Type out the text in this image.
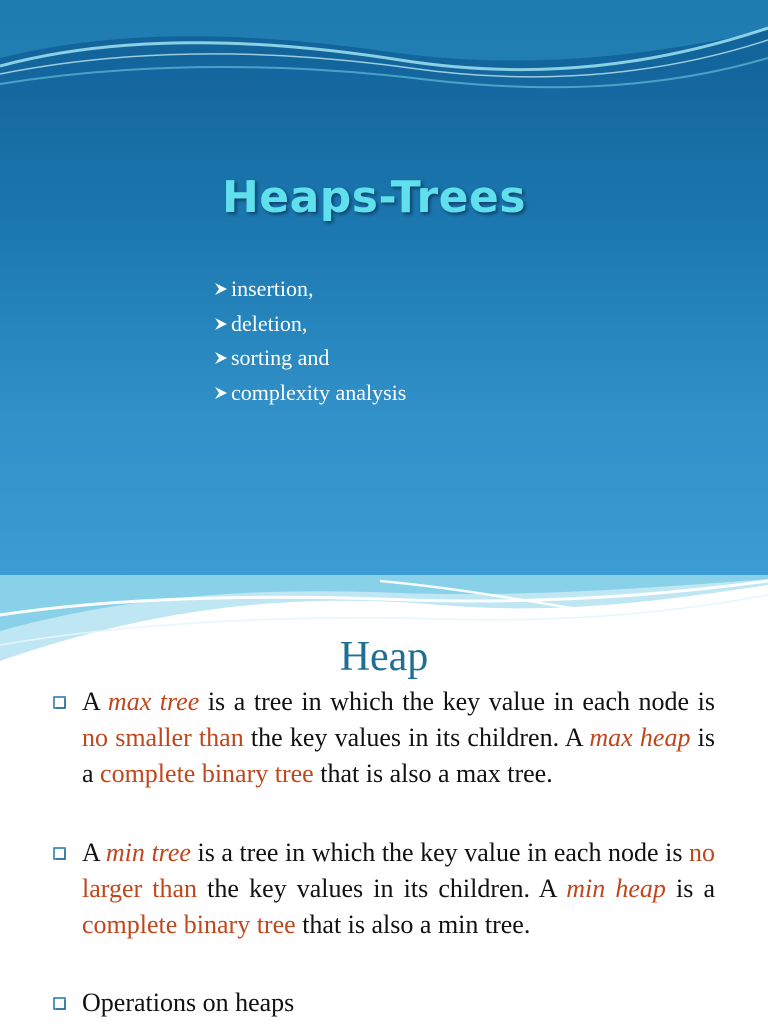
Heaps-Trees
insertion,
deletion,
sorting and
complexity analysis
Heap
A max tree is a tree in which the key value in each node is no smaller than the key values in its children. A max heap is a complete binary tree that is also a max tree.
A min tree is a tree in which the key value in each node is no larger than the key values in its children. A min heap is a complete binary tree that is also a min tree.
Operations on heaps
